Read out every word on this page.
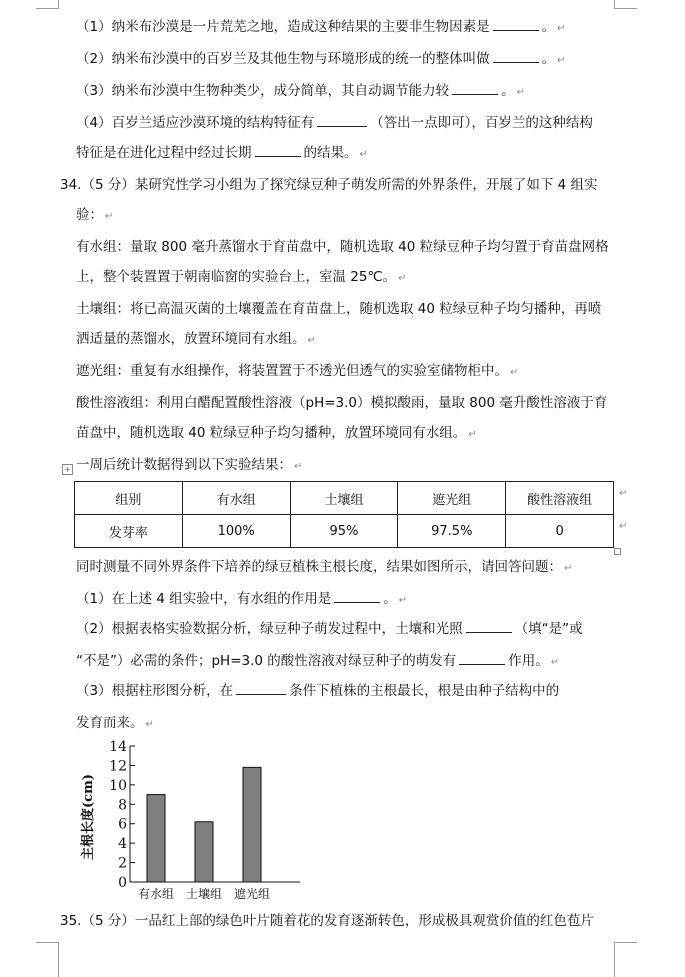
（1）纳米布沙漠是一片荒芜之地，造成这种结果的主要非生物因素是	。 ↵
（2）纳米布沙漠中的百岁兰及其他生物与环境形成的统一的整体叫做	。 ↵
（3）纳米布沙漠中生物种类少，成分简单，其自动调节能力较	。 ↵
（4）百岁兰适应沙漠环境的结构特征有	（答出一点即可），百岁兰的这种结构
特征是在进化过程中经过长期	的结果。 ↵
34.（5 分）某研究性学习小组为了探究绿豆种子萌发所需的外界条件，开展了如下 4 组实
验： ↵
有水组：量取 800 毫升蒸馏水于育苗盘中，随机选取 40 粒绿豆种子均匀置于育苗盘网格
上，整个装置置于朝南临窗的实验台上，室温 25℃。 ↵
土壤组：将已高温灭菌的土壤覆盖在育苗盘上，随机选取 40 粒绿豆种子均匀播种，再喷
洒适量的蒸馏水，放置环境同有水组。 ↵
遮光组：重复有水组操作，将装置置于不透光但透气的实验室储物柜中。 ↵
酸性溶液组：利用白醋配置酸性溶液（pH=3.0）模拟酸雨，量取 800 毫升酸性溶液于育
苗盘中，随机选取 40 粒绿豆种子均匀播种，放置环境同有水组。 ↵
一周后统计数据得到以下实验结果： ↵
+
组别	有水组	土壤组	遮光组	酸性溶液组
发芽率	100%	95%	97.5%	0
↵
↵
同时测量不同外界条件下培养的绿豆植株主根长度，结果如图所示，请回答问题： ↵
（1）在上述 4 组实验中，有水组的作用是	。 ↵
（2）根据表格实验数据分析，绿豆种子萌发过程中，土壤和光照	（填“是”或
“不是”）必需的条件；pH=3.0 的酸性溶液对绿豆种子的萌发有	作用。 ↵
（3）根据柱形图分析，在	条件下植株的主根最长，根是由种子结构中的
发育而来。 ↵
0
2
4
6
8
10
12
14
有水组 土壤组 遮光组
主根长度(cm)
35.（5 分）一品红上部的绿色叶片随着花的发育逐渐转色，形成极具观赏价值的红色苞片
